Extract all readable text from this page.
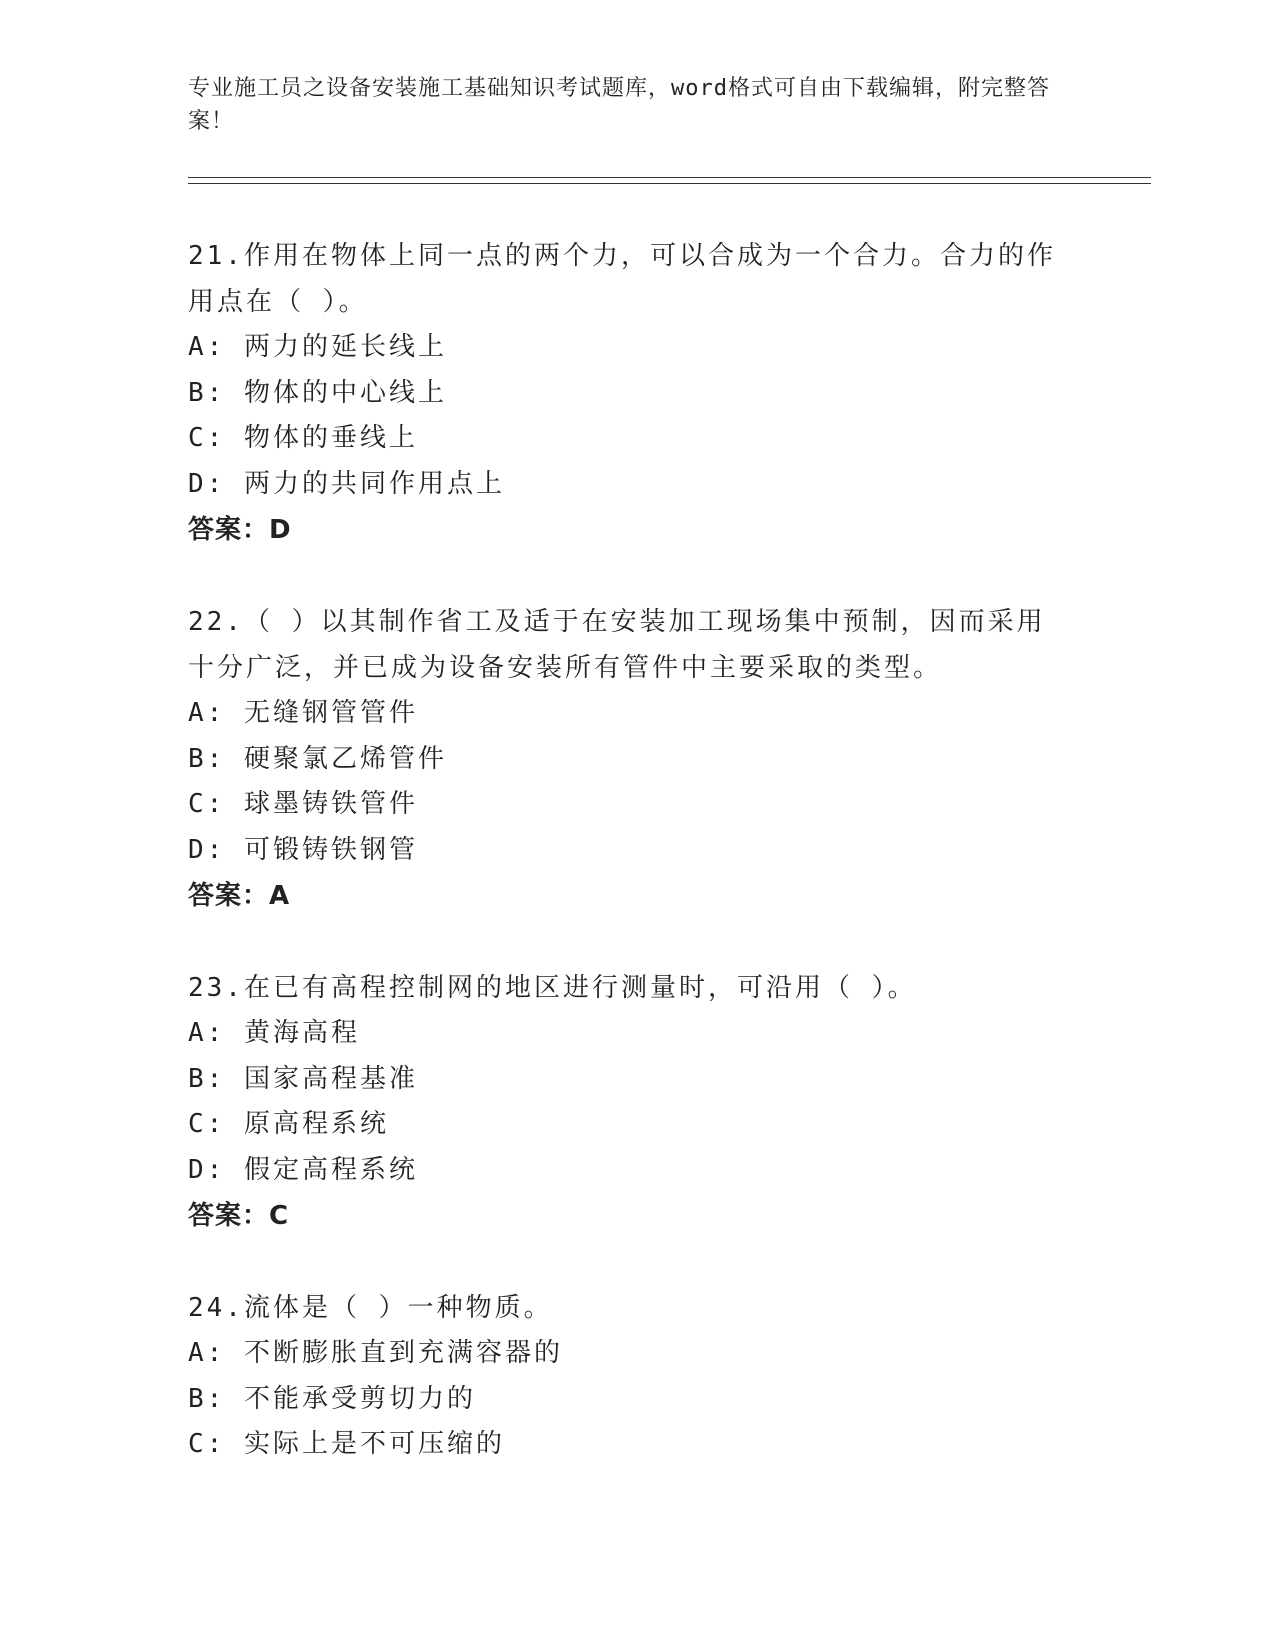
专业施工员之设备安装施工基础知识考试题库，word格式可自由下载编辑，附完整答案！

21.作用在物体上同一点的两个力，可以合成为一个合力。合力的作用点在（ ）。

A: 两力的延长线上

B: 物体的中心线上

C: 物体的垂线上

D: 两力的共同作用点上

答案：D

22.（ ）以其制作省工及适于在安装加工现场集中预制，因而采用十分广泛，并已成为设备安装所有管件中主要采取的类型。

A: 无缝钢管管件

B: 硬聚氯乙烯管件

C: 球墨铸铁管件

D: 可锻铸铁钢管

答案：A

23.在已有高程控制网的地区进行测量时，可沿用（ ）。

A: 黄海高程

B: 国家高程基准

C: 原高程系统

D: 假定高程系统

答案：C

24.流体是（ ）一种物质。

A: 不断膨胀直到充满容器的

B: 不能承受剪切力的

C: 实际上是不可压缩的
